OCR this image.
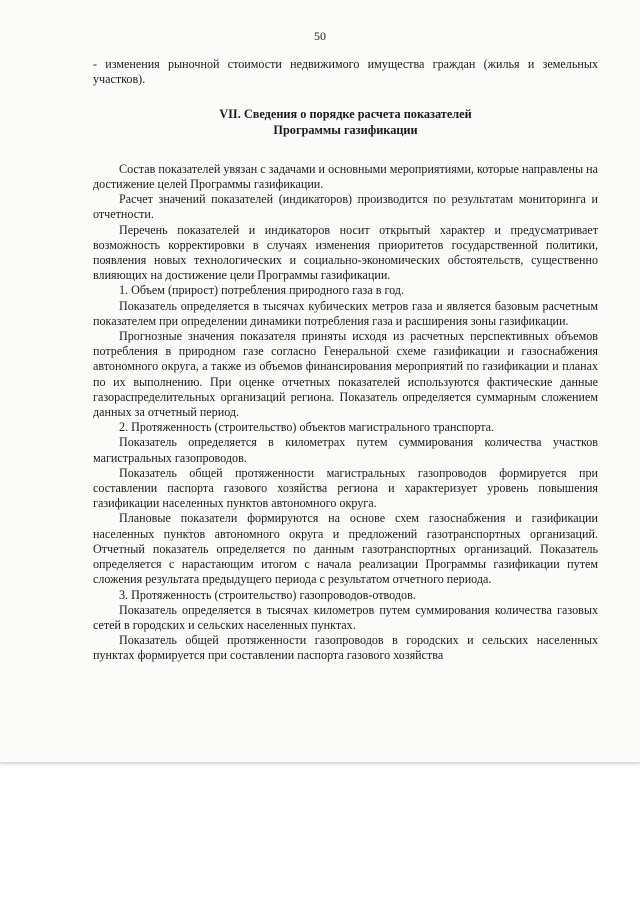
50

- изменения рыночной стоимости недвижимого имущества граждан (жилья и земельных участков).

VII. Сведения о порядке расчета показателей
Программы газификации

Состав показателей увязан с задачами и основными мероприятиями, которые направлены на достижение целей Программы газификации.

Расчет значений показателей (индикаторов) производится по результатам мониторинга и отчетности.

Перечень показателей и индикаторов носит открытый характер и предусматривает возможность корректировки в случаях изменения приоритетов государственной политики, появления новых технологических и социально-экономических обстоятельств, существенно влияющих на достижение цели Программы газификации.

1. Объем (прирост) потребления природного газа в год.

Показатель определяется в тысячах кубических метров газа и является базовым расчетным показателем при определении динамики потребления газа и расширения зоны газификации.

Прогнозные значения показателя приняты исходя из расчетных перспективных объемов потребления в природном газе согласно Генеральной схеме газификации и газоснабжения автономного округа, а также из объемов финансирования мероприятий по газификации и планах по их выполнению. При оценке отчетных показателей используются фактические данные газораспределительных организаций региона. Показатель определяется суммарным сложением данных за отчетный период.

2. Протяженность (строительство) объектов магистрального транспорта.

Показатель определяется в километрах путем суммирования количества участков магистральных газопроводов.

Показатель общей протяженности магистральных газопроводов формируется при составлении паспорта газового хозяйства региона и характеризует уровень повышения газификации населенных пунктов автономного округа.

Плановые показатели формируются на основе схем газоснабжения и газификации населенных пунктов автономного округа и предложений газотранспортных организаций. Отчетный показатель определяется по данным газотранспортных организаций. Показатель определяется с нарастающим итогом с начала реализации Программы газификации путем сложения результата предыдущего периода с результатом отчетного периода.

3. Протяженность (строительство) газопроводов-отводов.

Показатель определяется в тысячах километров путем суммирования количества газовых сетей в городских и сельских населенных пунктах.

Показатель общей протяженности газопроводов в городских и сельских населенных пунктах формируется при составлении паспорта газового хозяйства
